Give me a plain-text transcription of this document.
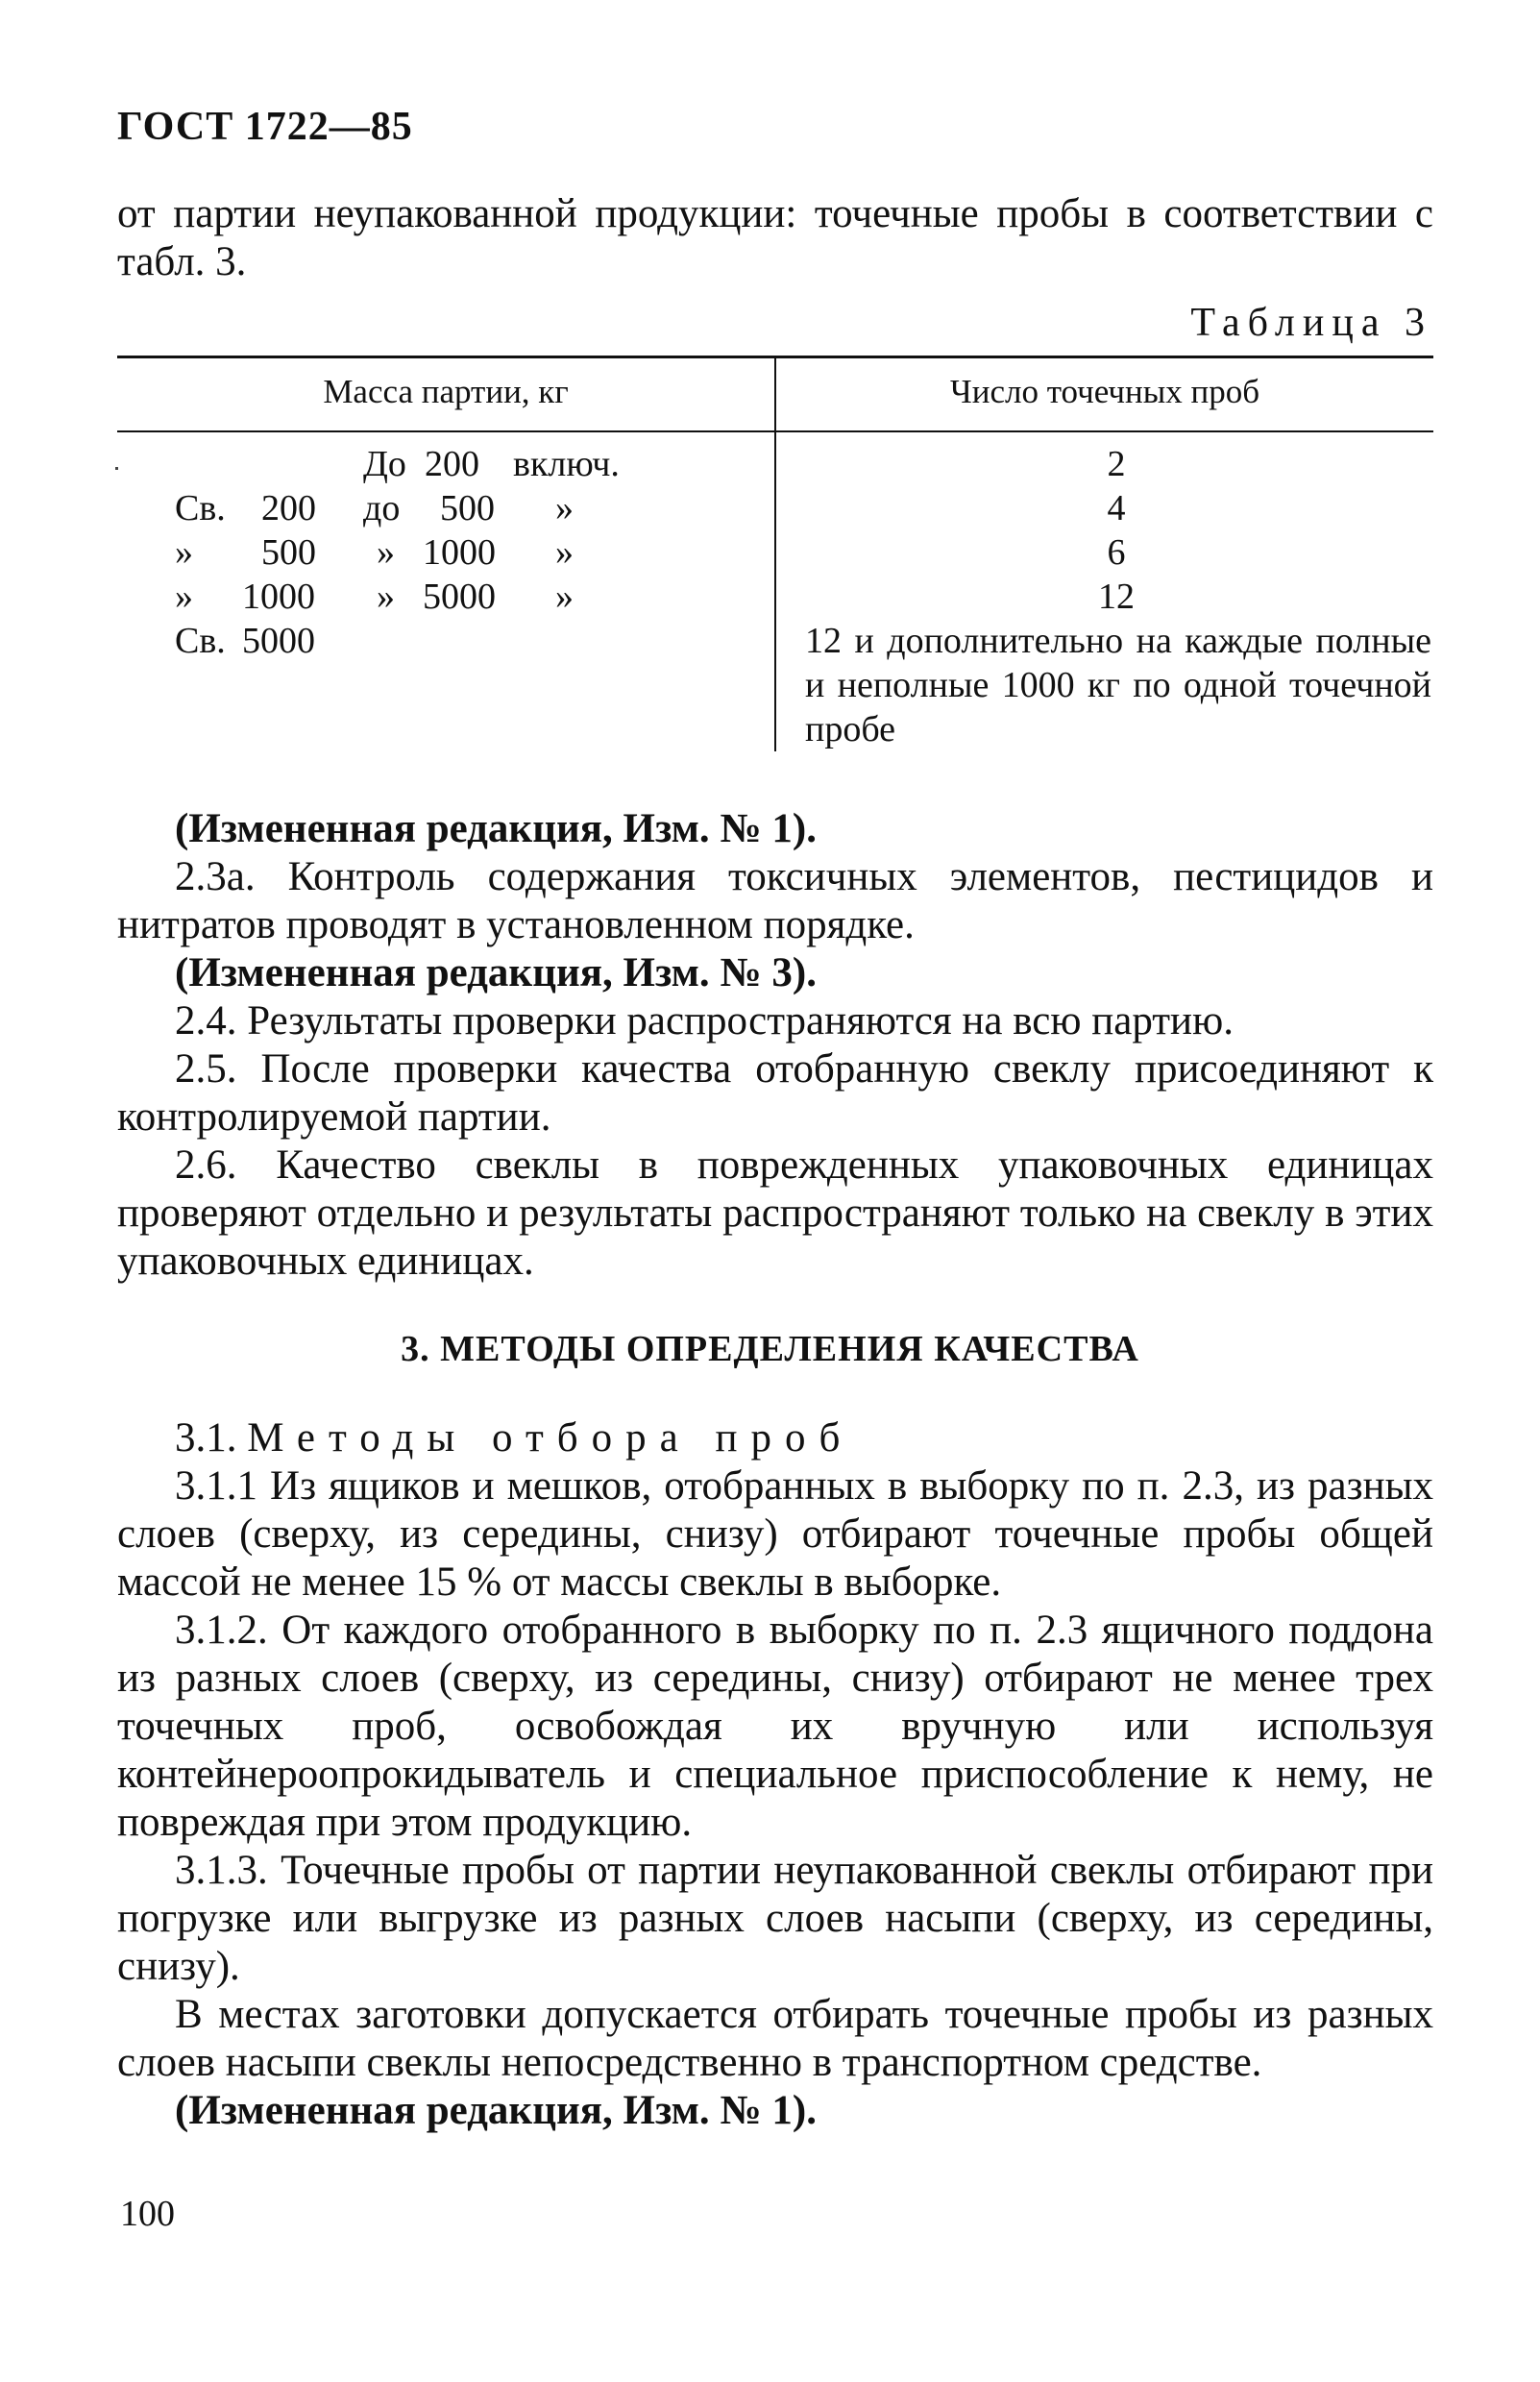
ГОСТ 1722—85
от партии неупакованной продукции: точечные пробы в соответствии с табл. 3.
Таблица 3
Масса партии, кг	Число точечных проб
До 200 включ.	2
Св. 200 до 500 »	4
» 500 » 1000 »	6
» 1000 » 5000 »	12
Св. 5000	12 и дополнительно на каждые полные и неполные 1000 кг по одной точечной пробе
(Измененная редакция, Изм. № 1).
2.3а. Контроль содержания токсичных элементов, пестицидов и нитратов проводят в установленном порядке.
(Измененная редакция, Изм. № 3).
2.4. Результаты проверки распространяются на всю партию.
2.5. После проверки качества отобранную свеклу присоединяют к контролируемой партии.
2.6. Качество свеклы в поврежденных упаковочных единицах проверяют отдельно и результаты распространяют только на свеклу в этих упаковочных единицах.
3. МЕТОДЫ ОПРЕДЕЛЕНИЯ КАЧЕСТВА
3.1. Методы отбора проб
3.1.1 Из ящиков и мешков, отобранных в выборку по п. 2.3, из разных слоев (сверху, из середины, снизу) отбирают точечные пробы общей массой не менее 15 % от массы свеклы в выборке.
3.1.2. От каждого отобранного в выборку по п. 2.3 ящичного поддона из разных слоев (сверху, из середины, снизу) отбирают не менее трех точечных проб, освобождая их вручную или используя контейнероопрокидыватель и специальное приспособление к нему, не повреждая при этом продукцию.
3.1.3. Точечные пробы от партии неупакованной свеклы отбирают при погрузке или выгрузке из разных слоев насыпи (сверху, из середины, снизу).
В местах заготовки допускается отбирать точечные пробы из разных слоев насыпи свеклы непосредственно в транспортном средстве.
(Измененная редакция, Изм. № 1).
100
